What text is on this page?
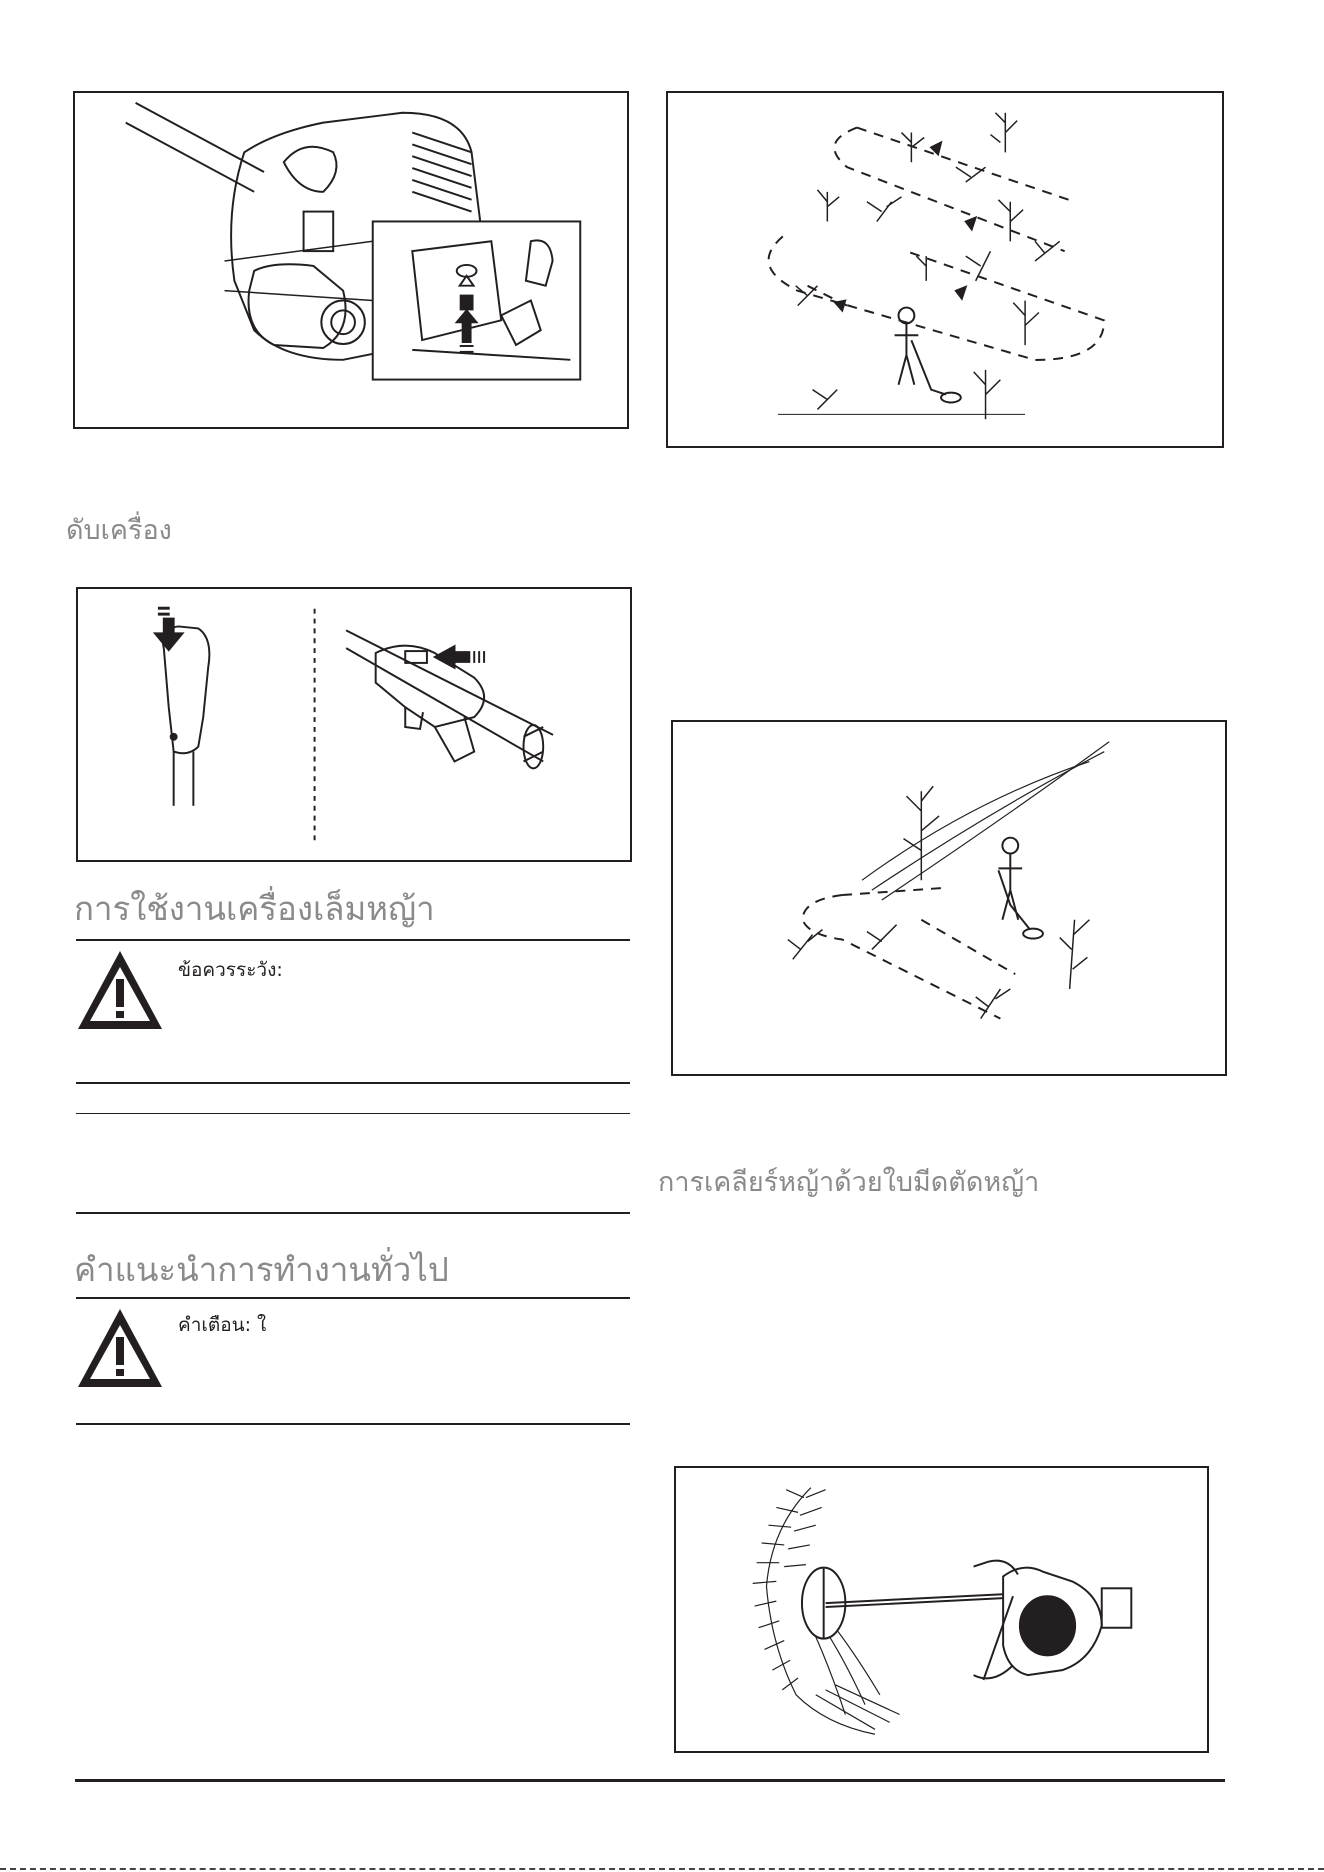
ดับเครื่อง
การใช้งานเครื่องเล็มหญ้า
ข้อควรระวัง:
คำแนะนำการทำงานทั่วไป
คำเตือน: ใ
การเคลียร์หญ้าด้วยใบมีดตัดหญ้า
